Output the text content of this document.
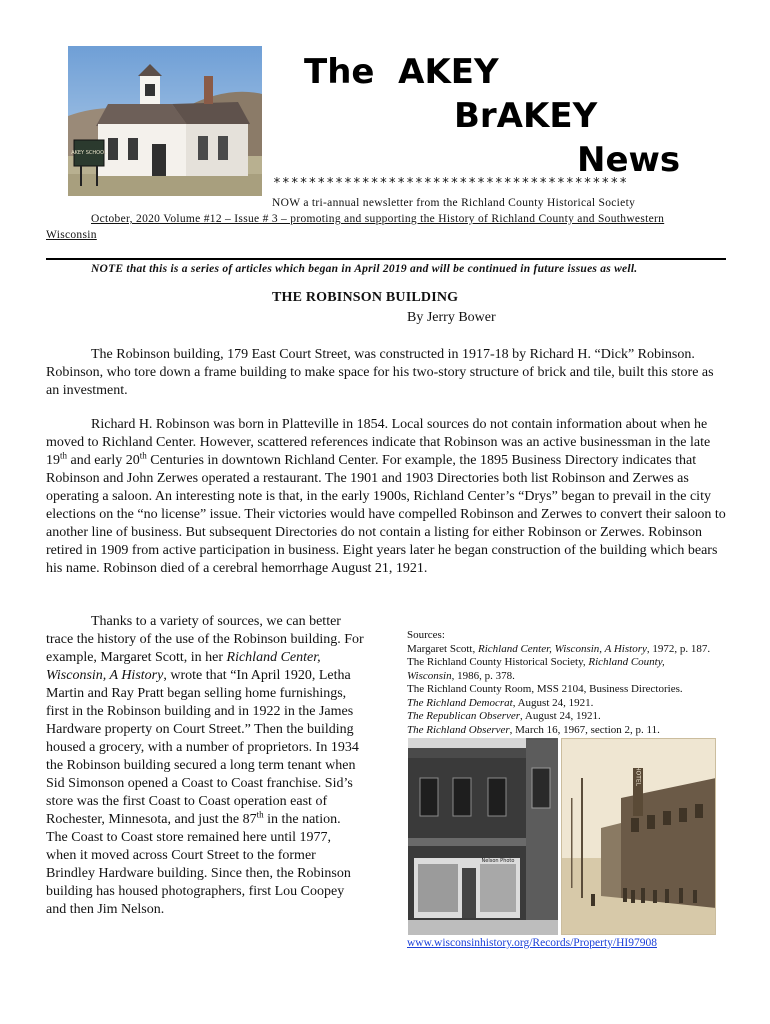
AKEY SCHOOL
The  AKEY
BrAKEY
News
****************************************
NOW a tri-annual newsletter from the Richland County Historical Society
October, 2020 Volume #12 – Issue # 3 – promoting and supporting the History of Richland County and Southwestern
Wisconsin
NOTE that this is a series of articles which began in April 2019 and will be continued in future issues as well.
THE ROBINSON BUILDING
By Jerry Bower

The Robinson building, 179 East Court Street, was constructed in 1917-18 by Richard H. “Dick” Robinson. Robinson, who tore down a frame building to make space for his two-story structure of brick and tile, built this store as an investment.

Richard H. Robinson was born in Platteville in 1854. Local sources do not contain information about when he moved to Richland Center. However, scattered references indicate that Robinson was an active businessman in the late 19th and early 20th Centuries in downtown Richland Center. For example, the 1895 Business Directory indicates that Robinson and John Zerwes operated a restaurant. The 1901 and 1903 Directories both list Robinson and Zerwes as operating a saloon. An interesting note is that, in the early 1900s, Richland Center’s “Drys” began to prevail in the city elections on the “no license” issue. Their victories would have compelled Robinson and Zerwes to convert their saloon to another line of business. But subsequent Directories do not contain a listing for either Robinson or Zerwes. Robinson retired in 1909 from active participation in business. Eight years later he began construction of the building which bears his name. Robinson died of a cerebral hemorrhage August 21, 1921.

Thanks to a variety of sources, we can better trace the history of the use of the Robinson building. For example, Margaret Scott, in her Richland Center, Wisconsin, A History, wrote that “In April 1920, Letha Martin and Ray Pratt began selling home furnishings, first in the Robinson building and in 1922 in the James Hardware property on Court Street.” Then the building housed a grocery, with a number of proprietors. In 1934 the Robinson building secured a long term tenant when Sid Simonson opened a Coast to Coast franchise. Sid’s store was the first Coast to Coast operation east of Rochester, Minnesota, and just the 87th in the nation. The Coast to Coast store remained here until 1977, when it moved across Court Street to the former Brindley Hardware building. Since then, the Robinson building has housed photographers, first Lou Coopey and then Jim Nelson.

Sources:
Margaret Scott, Richland Center, Wisconsin, A History, 1972, p. 187.
The Richland County Historical Society, Richland County,
Wisconsin, 1986, p. 378.
The Richland County Room, MSS 2104, Business Directories.
The Richland Democrat, August 24, 1921.
The Republican Observer, August 24, 1921.
The Richland Observer, March 16, 1967, section 2, p. 11.
Nelson Photo
HOTEL
www.wisconsinhistory.org/Records/Property/HI97908
